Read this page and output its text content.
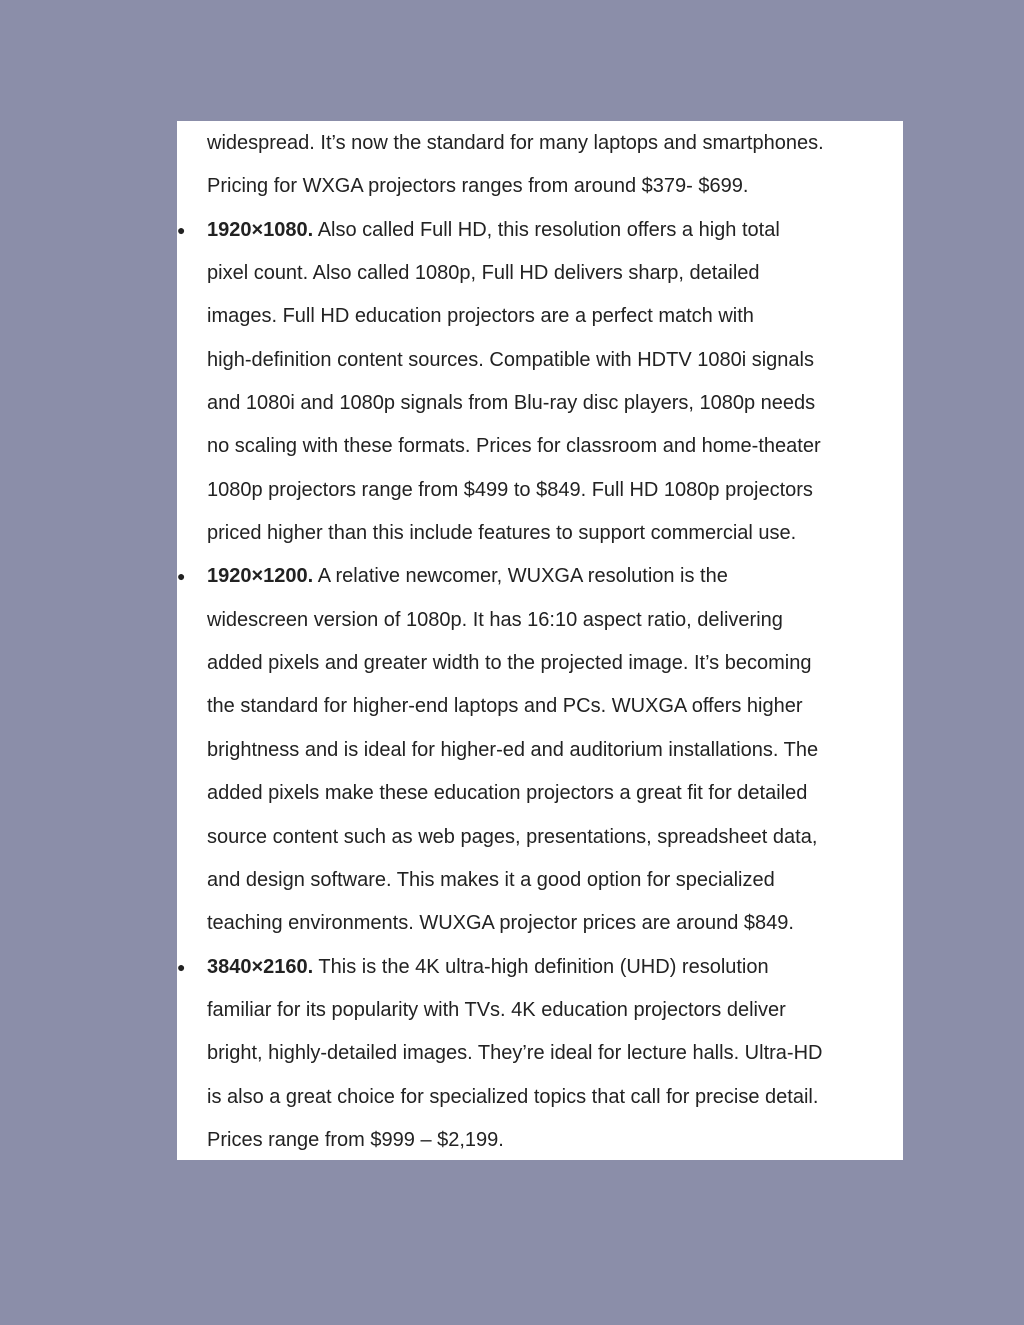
widespread. It’s now the standard for many laptops and smartphones.
Pricing for WXGA projectors ranges from around $379- $699.
● 1920×1080. Also called Full HD, this resolution offers a high total
pixel count. Also called 1080p, Full HD delivers sharp, detailed
images. Full HD education projectors are a perfect match with
high-definition content sources. Compatible with HDTV 1080i signals
and 1080i and 1080p signals from Blu-ray disc players, 1080p needs
no scaling with these formats. Prices for classroom and home-theater
1080p projectors range from $499 to $849. Full HD 1080p projectors
priced higher than this include features to support commercial use.
● 1920×1200. A relative newcomer, WUXGA resolution is the
widescreen version of 1080p. It has 16:10 aspect ratio, delivering
added pixels and greater width to the projected image. It’s becoming
the standard for higher-end laptops and PCs. WUXGA offers higher
brightness and is ideal for higher-ed and auditorium installations. The
added pixels make these education projectors a great fit for detailed
source content such as web pages, presentations, spreadsheet data,
and design software. This makes it a good option for specialized
teaching environments. WUXGA projector prices are around $849.
● 3840×2160. This is the 4K ultra-high definition (UHD) resolution
familiar for its popularity with TVs. 4K education projectors deliver
bright, highly-detailed images. They’re ideal for lecture halls. Ultra-HD
is also a great choice for specialized topics that call for precise detail.
Prices range from $999 – $2,199.
